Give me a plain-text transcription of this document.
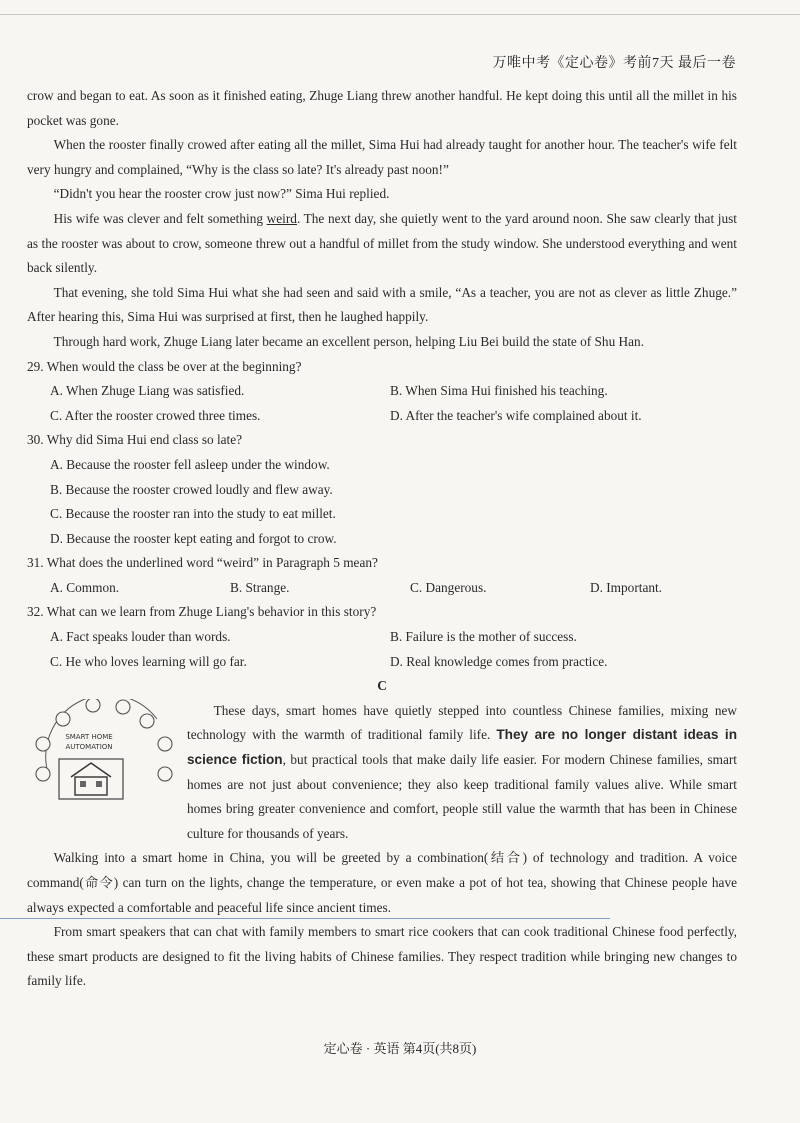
万唯中考《定心卷》考前7天 最后一卷

crow and began to eat. As soon as it finished eating, Zhuge Liang threw another handful. He kept doing this until all the millet in his pocket was gone.

When the rooster finally crowed after eating all the millet, Sima Hui had already taught for another hour. The teacher's wife felt very hungry and complained, “Why is the class so late? It's already past noon!”

“Didn't you hear the rooster crow just now?” Sima Hui replied.

His wife was clever and felt something weird. The next day, she quietly went to the yard around noon. She saw clearly that just as the rooster was about to crow, someone threw out a handful of millet from the study window. She understood everything and went back silently.

That evening, she told Sima Hui what she had seen and said with a smile, “As a teacher, you are not as clever as little Zhuge.” After hearing this, Sima Hui was surprised at first, then he laughed happily.

Through hard work, Zhuge Liang later became an excellent person, helping Liu Bei build the state of Shu Han.

29. When would the class be over at the beginning?

A. When Zhuge Liang was satisfied.	B. When Sima Hui finished his teaching.
C. After the rooster crowed three times.	D. After the teacher's wife complained about it.

30. Why did Sima Hui end class so late?

A. Because the rooster fell asleep under the window.
B. Because the rooster crowed loudly and flew away.
C. Because the rooster ran into the study to eat millet.
D. Because the rooster kept eating and forgot to crow.

31. What does the underlined word “weird” in Paragraph 5 mean?

A. Common.	B. Strange.	C. Dangerous.	D. Important.

32. What can we learn from Zhuge Liang's behavior in this story?

A. Fact speaks louder than words.	B. Failure is the mother of success.
C. He who loves learning will go far.	D. Real knowledge comes from practice.

C

SMART HOME
AUTOMATION

These days, smart homes have quietly stepped into countless Chinese families, mixing new technology with the warmth of traditional family life. They are no longer distant ideas in science fiction, but practical tools that make daily life easier. For modern Chinese families, smart homes are not just about convenience; they also keep traditional family values alive. While smart homes bring greater convenience and comfort, people still value the warmth that has been in Chinese culture for thousands of years.

Walking into a smart home in China, you will be greeted by a combination(结合) of technology and tradition. A voice command(命令) can turn on the lights, change the temperature, or even make a pot of hot tea, showing that Chinese people have always expected a comfortable and peaceful life since ancient times.

From smart speakers that can chat with family members to smart rice cookers that can cook traditional Chinese food perfectly, these smart products are designed to fit the living habits of Chinese families. They respect tradition while bringing new changes to family life.

定心卷 · 英语 第4页(共8页)
